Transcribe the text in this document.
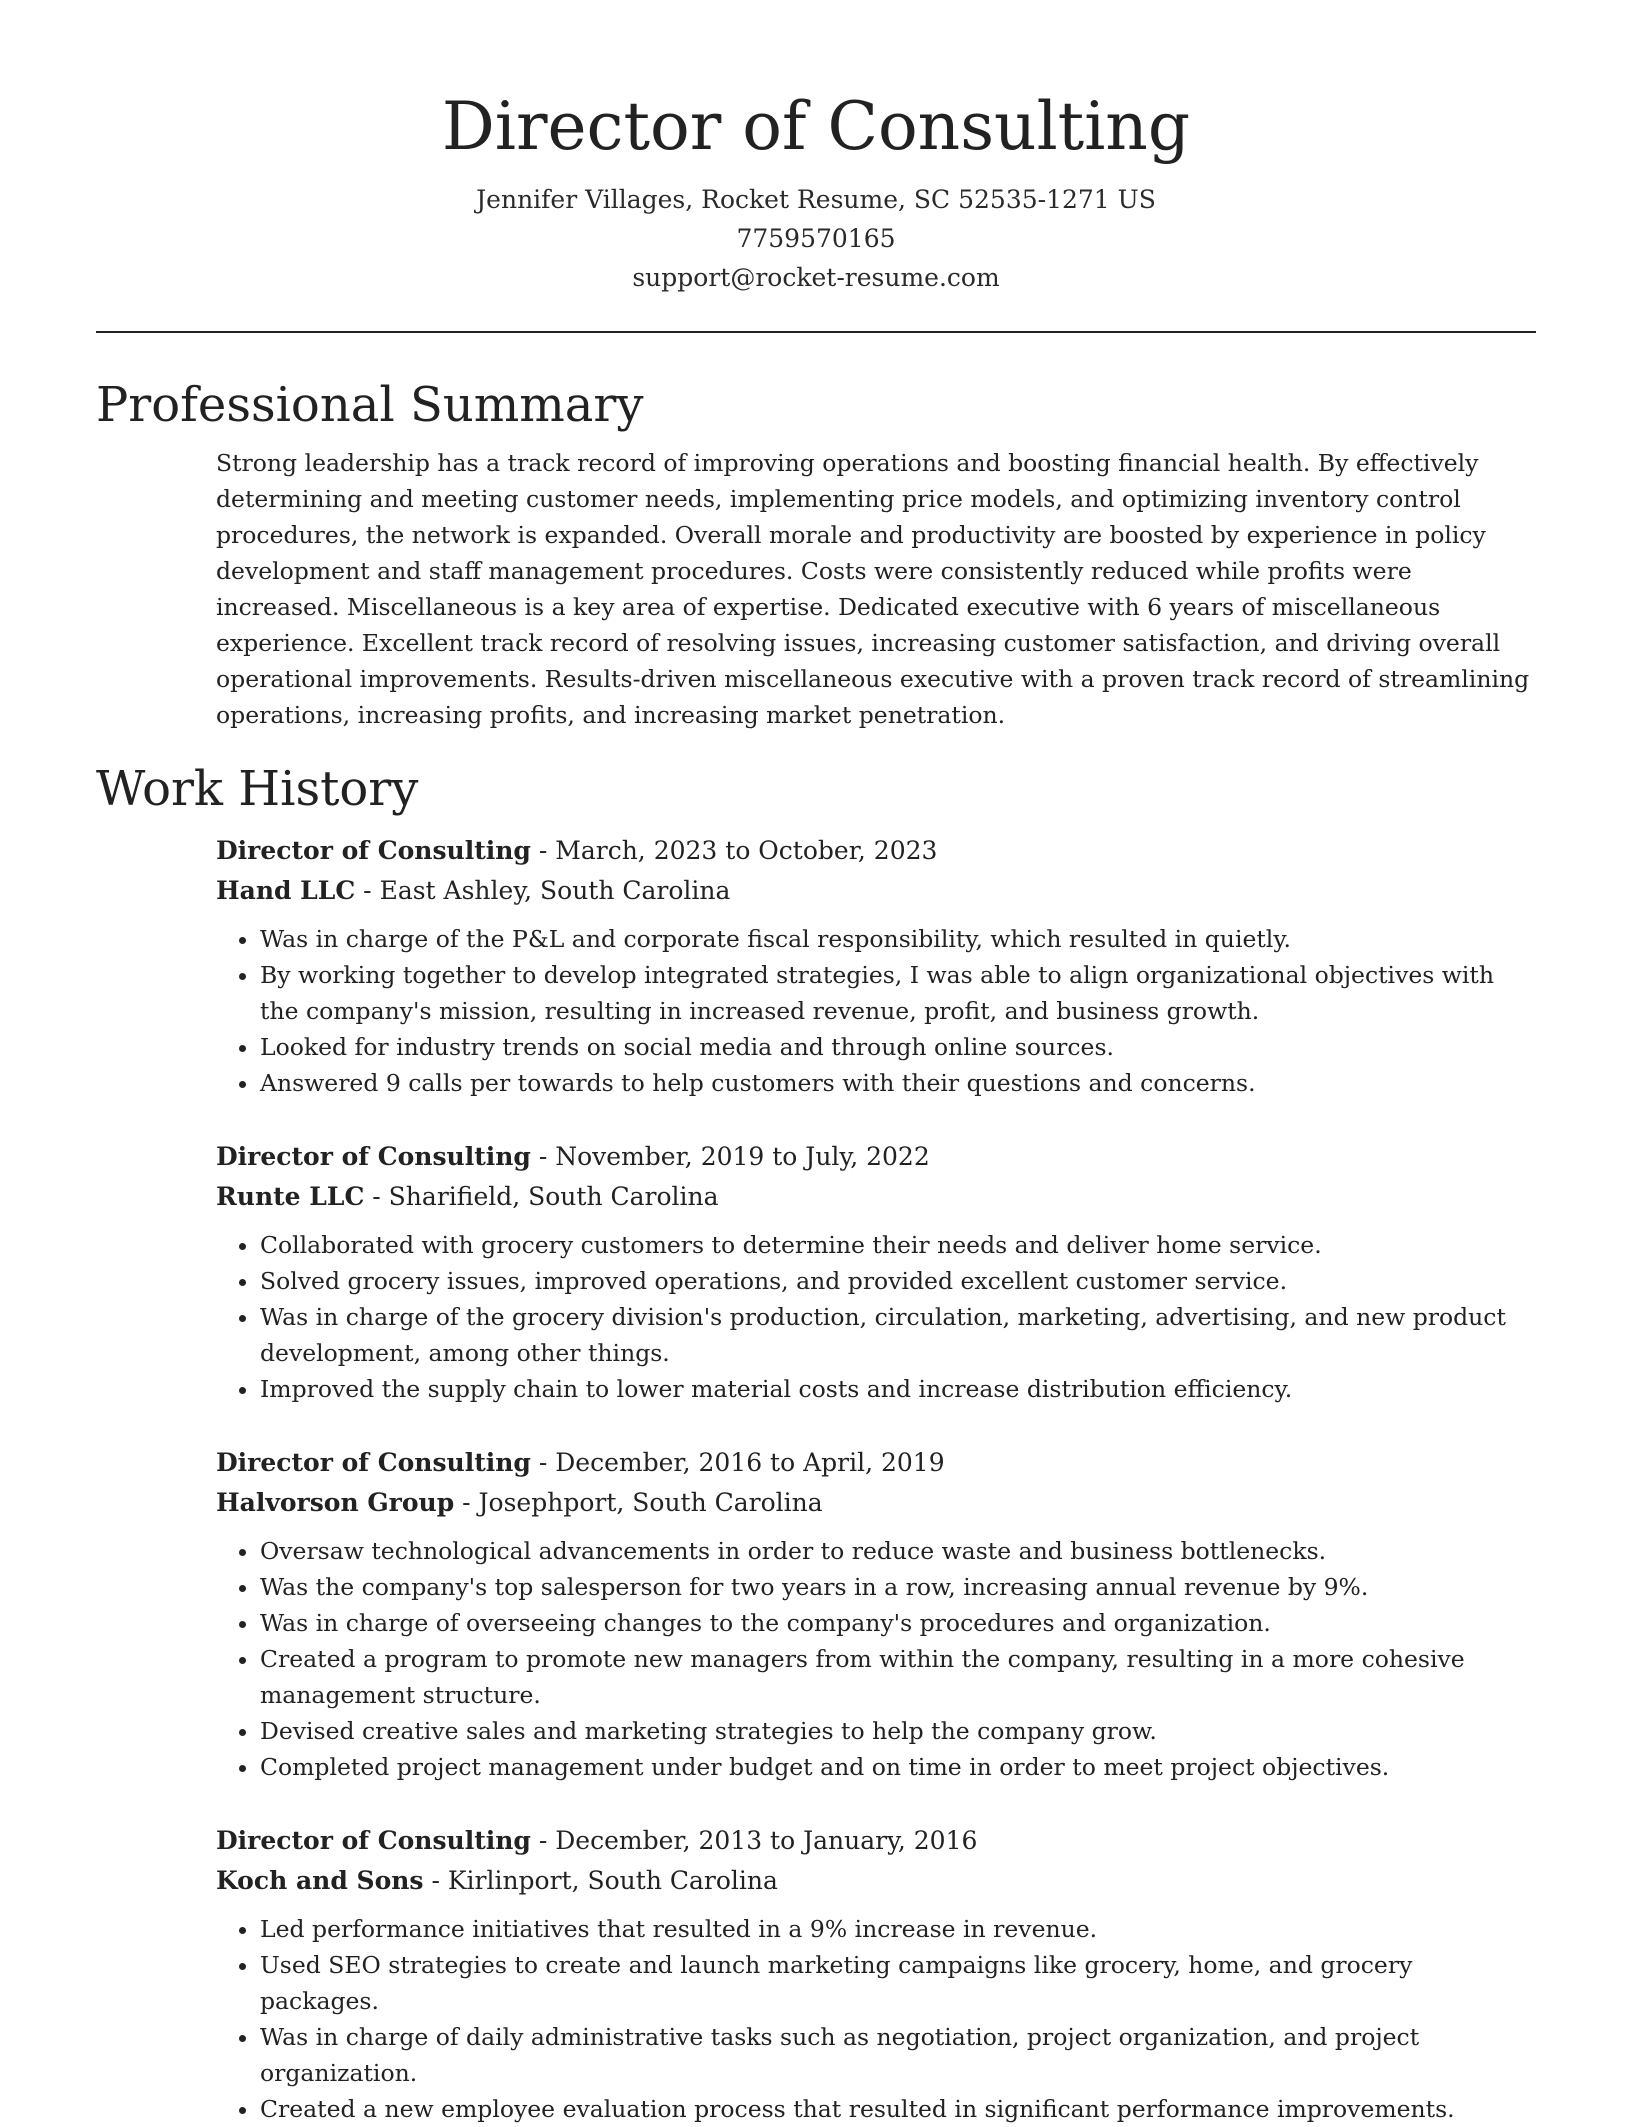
Director of Consulting
Jennifer Villages, Rocket Resume, SC 52535-1271 US
7759570165
support@rocket-resume.com
Professional Summary

Strong leadership has a track record of improving operations and boosting financial health. By effectively determining and meeting customer needs, implementing price models, and optimizing inventory control procedures, the network is expanded. Overall morale and productivity are boosted by experience in policy development and staff management procedures. Costs were consistently reduced while profits were increased. Miscellaneous is a key area of expertise. Dedicated executive with 6 years of miscellaneous experience. Excellent track record of resolving issues, increasing customer satisfaction, and driving overall operational improvements. Results-driven miscellaneous executive with a proven track record of streamlining operations, increasing profits, and increasing market penetration.

Work History
Director of Consulting - March, 2023 to October, 2023
Hand LLC - East Ashley, South Carolina
• Was in charge of the P&L and corporate fiscal responsibility, which resulted in quietly.
• By working together to develop integrated strategies, I was able to align organizational objectives with the company's mission, resulting in increased revenue, profit, and business growth.
• Looked for industry trends on social media and through online sources.
• Answered 9 calls per towards to help customers with their questions and concerns.
Director of Consulting - November, 2019 to July, 2022
Runte LLC - Sharifield, South Carolina
• Collaborated with grocery customers to determine their needs and deliver home service.
• Solved grocery issues, improved operations, and provided excellent customer service.
• Was in charge of the grocery division's production, circulation, marketing, advertising, and new product development, among other things.
• Improved the supply chain to lower material costs and increase distribution efficiency.
Director of Consulting - December, 2016 to April, 2019
Halvorson Group - Josephport, South Carolina
• Oversaw technological advancements in order to reduce waste and business bottlenecks.
• Was the company's top salesperson for two years in a row, increasing annual revenue by 9%.
• Was in charge of overseeing changes to the company's procedures and organization.
• Created a program to promote new managers from within the company, resulting in a more cohesive management structure.
• Devised creative sales and marketing strategies to help the company grow.
• Completed project management under budget and on time in order to meet project objectives.
Director of Consulting - December, 2013 to January, 2016
Koch and Sons - Kirlinport, South Carolina
• Led performance initiatives that resulted in a 9% increase in revenue.
• Used SEO strategies to create and launch marketing campaigns like grocery, home, and grocery packages.
• Was in charge of daily administrative tasks such as negotiation, project organization, and project organization.
• Created a new employee evaluation process that resulted in significant performance improvements.
